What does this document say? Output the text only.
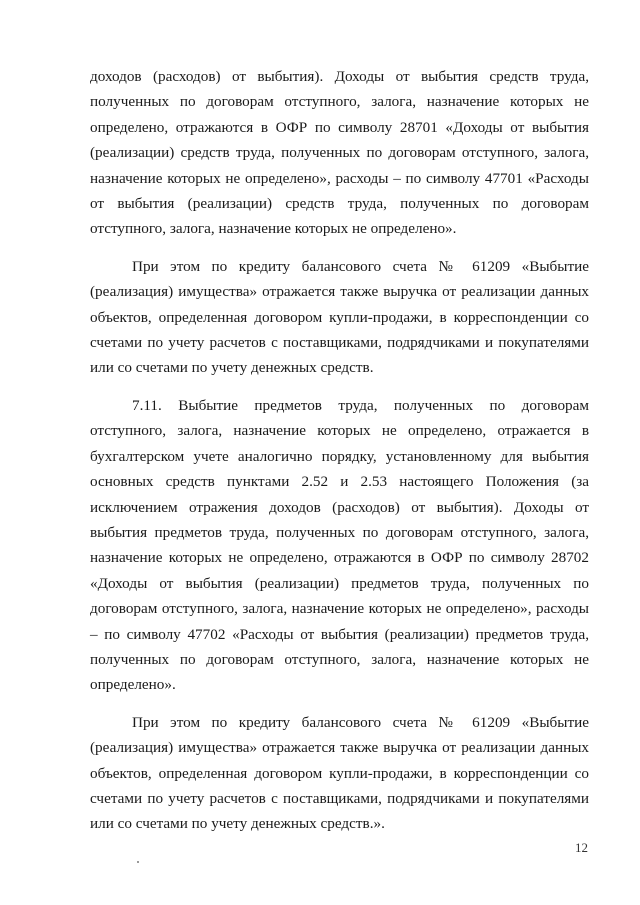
доходов (расходов) от выбытия). Доходы от выбытия средств труда, полученных по договорам отступного, залога, назначение которых не определено, отражаются в ОФР по символу 28701 «Доходы от выбытия (реализации) средств труда, полученных по договорам отступного, залога, назначение которых не определено», расходы – по символу 47701 «Расходы от выбытия (реализации) средств труда, полученных по договорам отступного, залога, назначение которых не определено».

При этом по кредиту балансового счета № 61209 «Выбытие (реализация) имущества» отражается также выручка от реализации данных объектов, определенная договором купли-продажи, в корреспонденции со счетами по учету расчетов с поставщиками, подрядчиками и покупателями или со счетами по учету денежных средств.

7.11. Выбытие предметов труда, полученных по договорам отступного, залога, назначение которых не определено, отражается в бухгалтерском учете аналогично порядку, установленному для выбытия основных средств пунктами 2.52 и 2.53 настоящего Положения (за исключением отражения доходов (расходов) от выбытия). Доходы от выбытия предметов труда, полученных по договорам отступного, залога, назначение которых не определено, отражаются в ОФР по символу 28702 «Доходы от выбытия (реализации) предметов труда, полученных по договорам отступного, залога, назначение которых не определено», расходы – по символу 47702 «Расходы от выбытия (реализации) предметов труда, полученных по договорам отступного, залога, назначение которых не определено».

При этом по кредиту балансового счета № 61209 «Выбытие (реализация) имущества» отражается также выручка от реализации данных объектов, определенная договором купли-продажи, в корреспонденции со счетами по учету расчетов с поставщиками, подрядчиками и покупателями или со счетами по учету денежных средств.».

12
